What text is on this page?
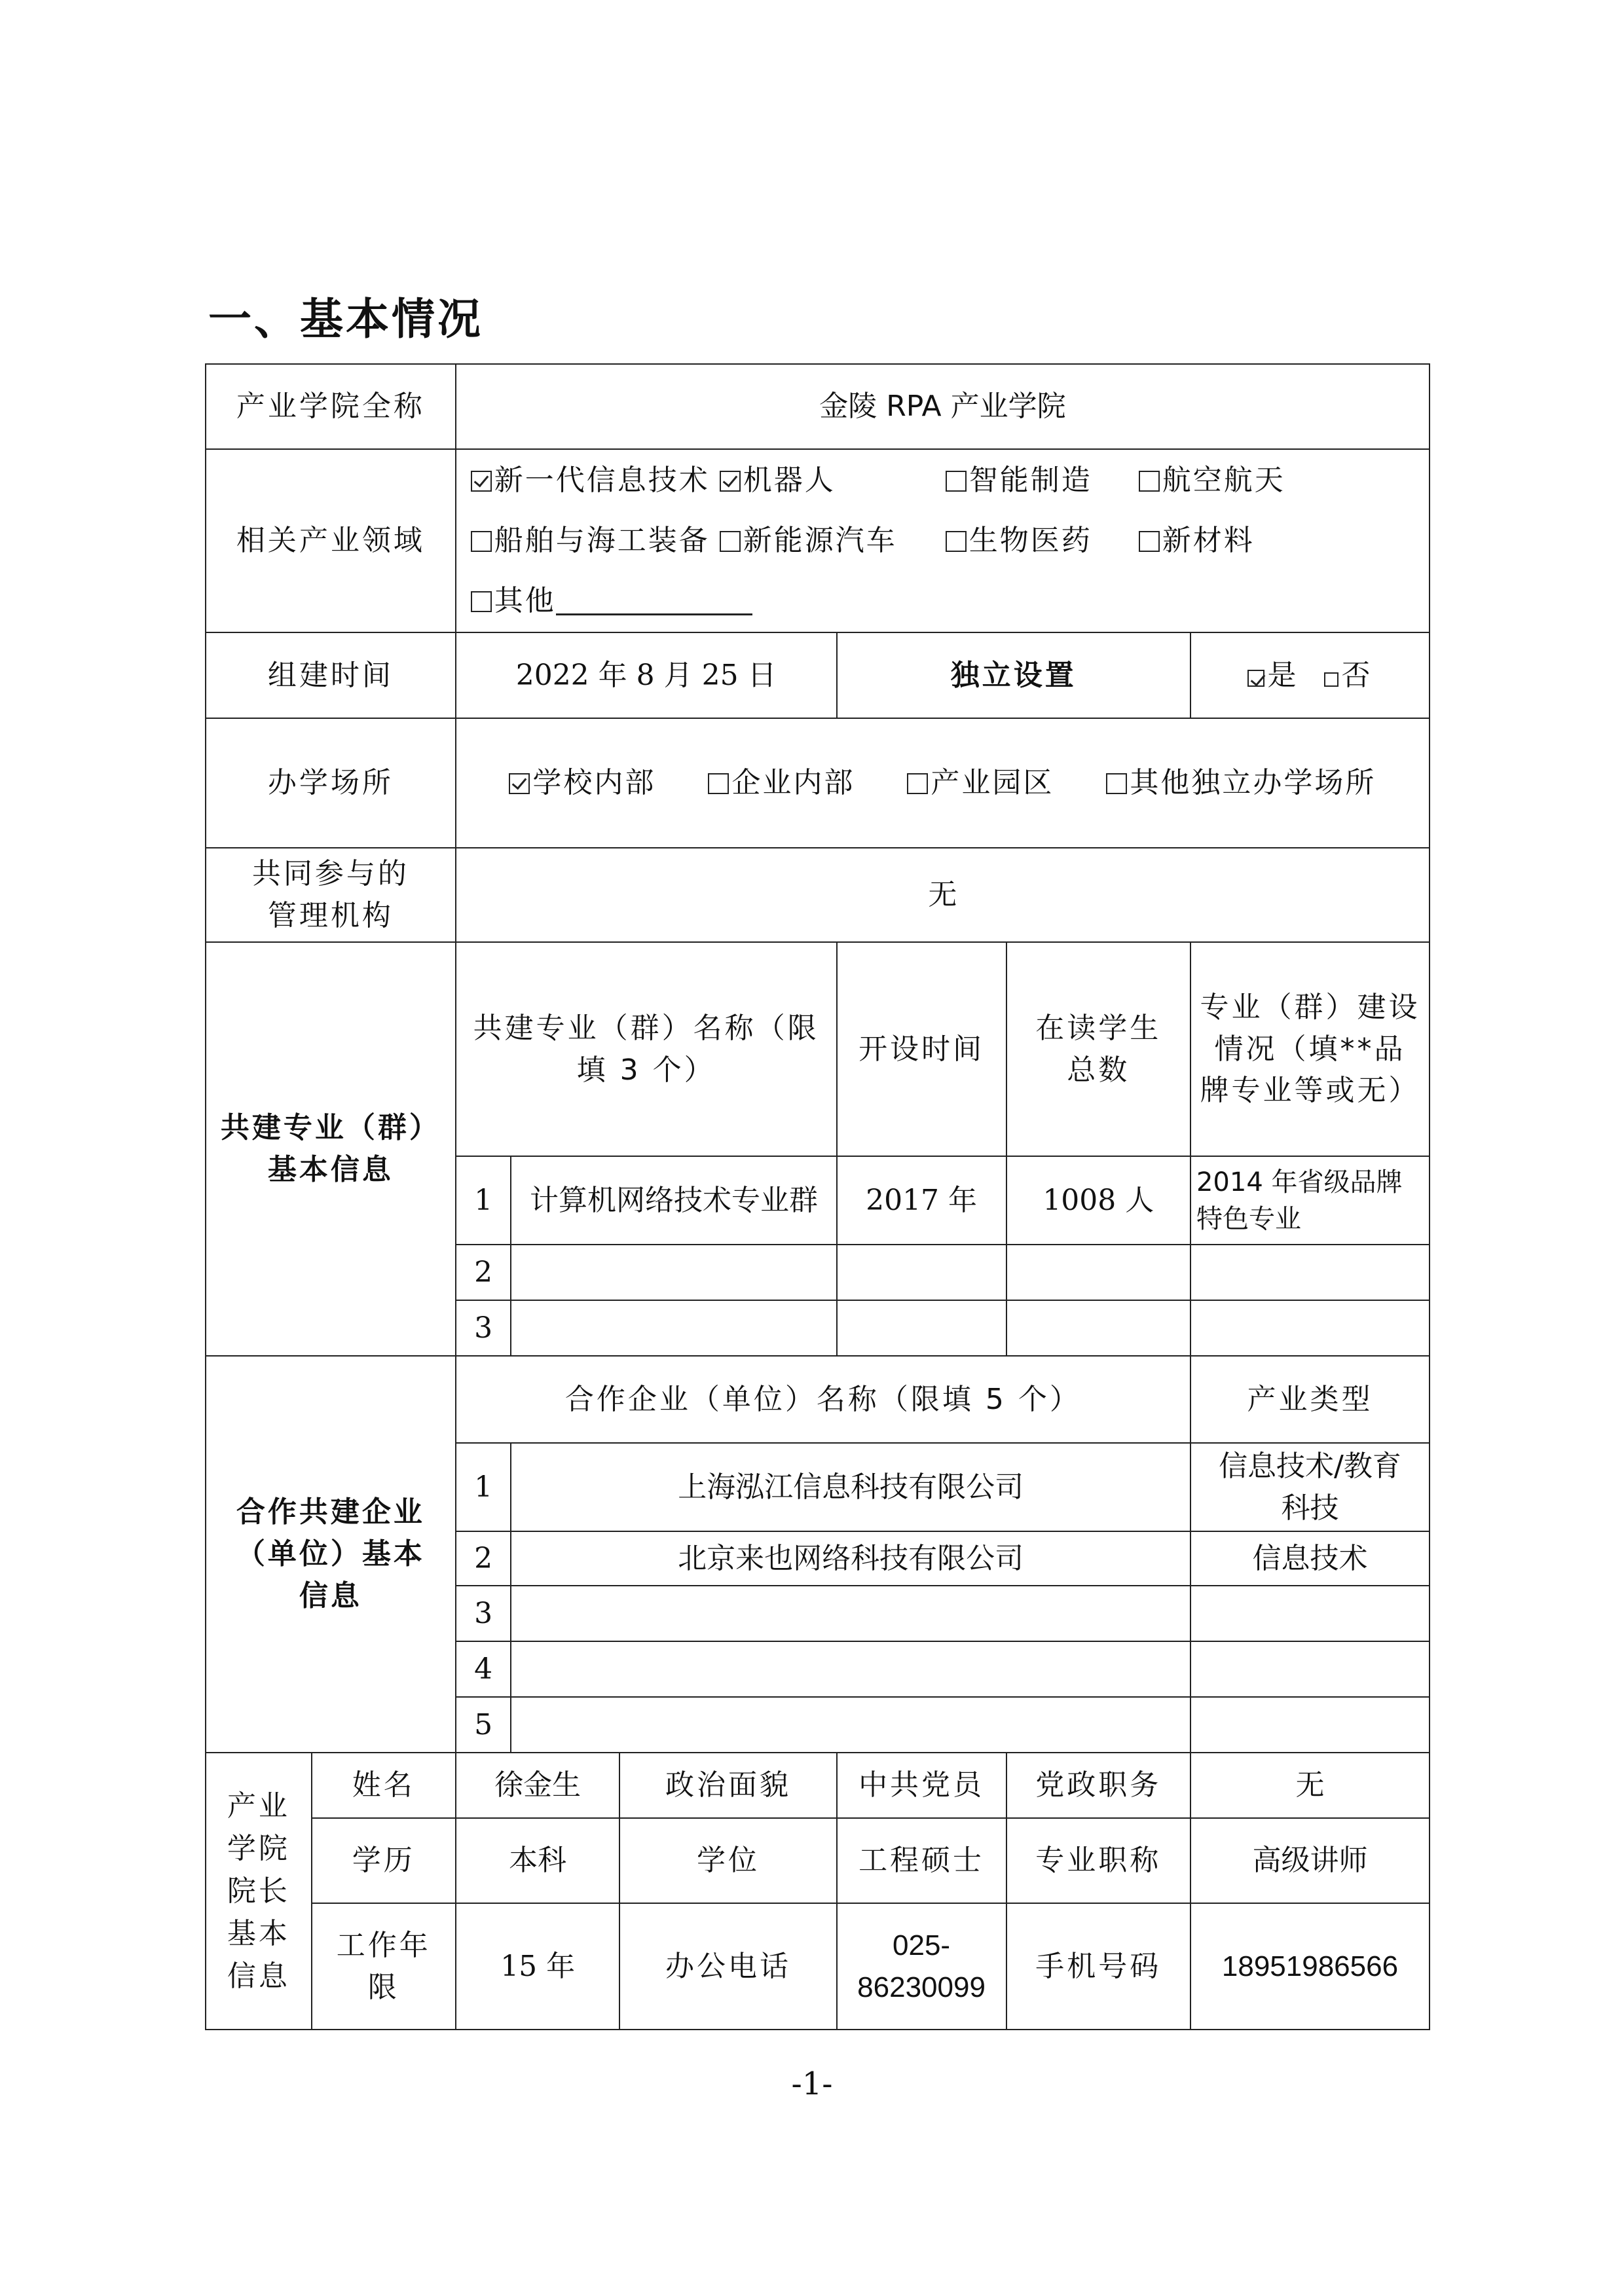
一、基本情况
产业学院全称		金陵 RPA 产业学院					
相关产业领域		新一代信息技术 机器人 智能制造 航空航天
船舶与海工装备 新能源汽车 生物医药 新材料
其他					

组建时间		2022 年 8 月 25 日			独立设置		是 否
办学场所		学校内部 企业内部 产业园区 其他独立办学场所					

共同参与的
管理机构		无					

共建专业（群）
基本信息		共建专业（群）名称（限填 3 个）			开设时间	在读学生总数	专业（群）建设情况（填**品牌专业等或无）
		1	计算机网络技术专业群		2017 年	1008 人	2014 年省级品牌特色专业
		2					
		3					

合作共建企业
（单位）基本
信息		合作企业（单位）名称（限填 5 个）					产业类型
		1	上海泓江信息科技有限公司				信息技术/教育科技
		2	北京来也网络科技有限公司				信息技术
		3					
		4					
		5					

产业
学院
院长
基本
信息	姓名	徐金生		政治面貌	中共党员	党政职务	无
	学历	本科		学位	工程硕士	专业职称	高级讲师
	工作年限	15 年		办公电话	025-86230099	手机号码	18951986566
-1-
